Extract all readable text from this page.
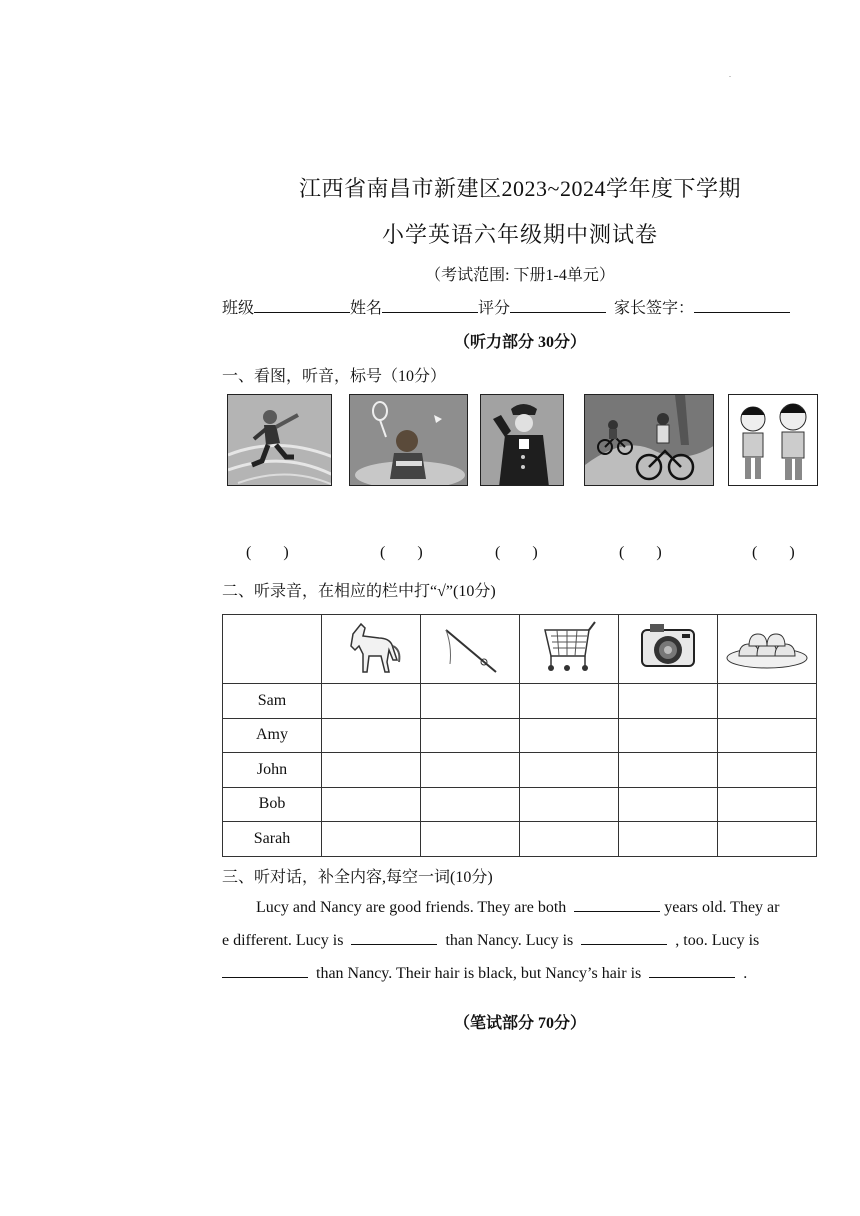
.
江西省南昌市新建区2023~2024学年度下学期
小学英语六年级期中测试卷
（考试范围: 下册1-4单元）
班级	姓名	评分	家长签字：
（听力部分 30分）
一、看图，听音，标号（10分）
(        )	(        )	(        )	(        )	(        )
二、听录音，在相应的栏中打“√”(10分)

Sam					
Amy					
John					
Bob					
Sarah					
三、听对话，补全内容,每空一词(10分)
Lucy and Nancy are good friends. They are both	years old. They ar
e different. Lucy is	than Nancy. Lucy is	, too. Lucy is
than Nancy. Their hair is black, but Nancy’s hair is	.
（笔试部分 70分）
